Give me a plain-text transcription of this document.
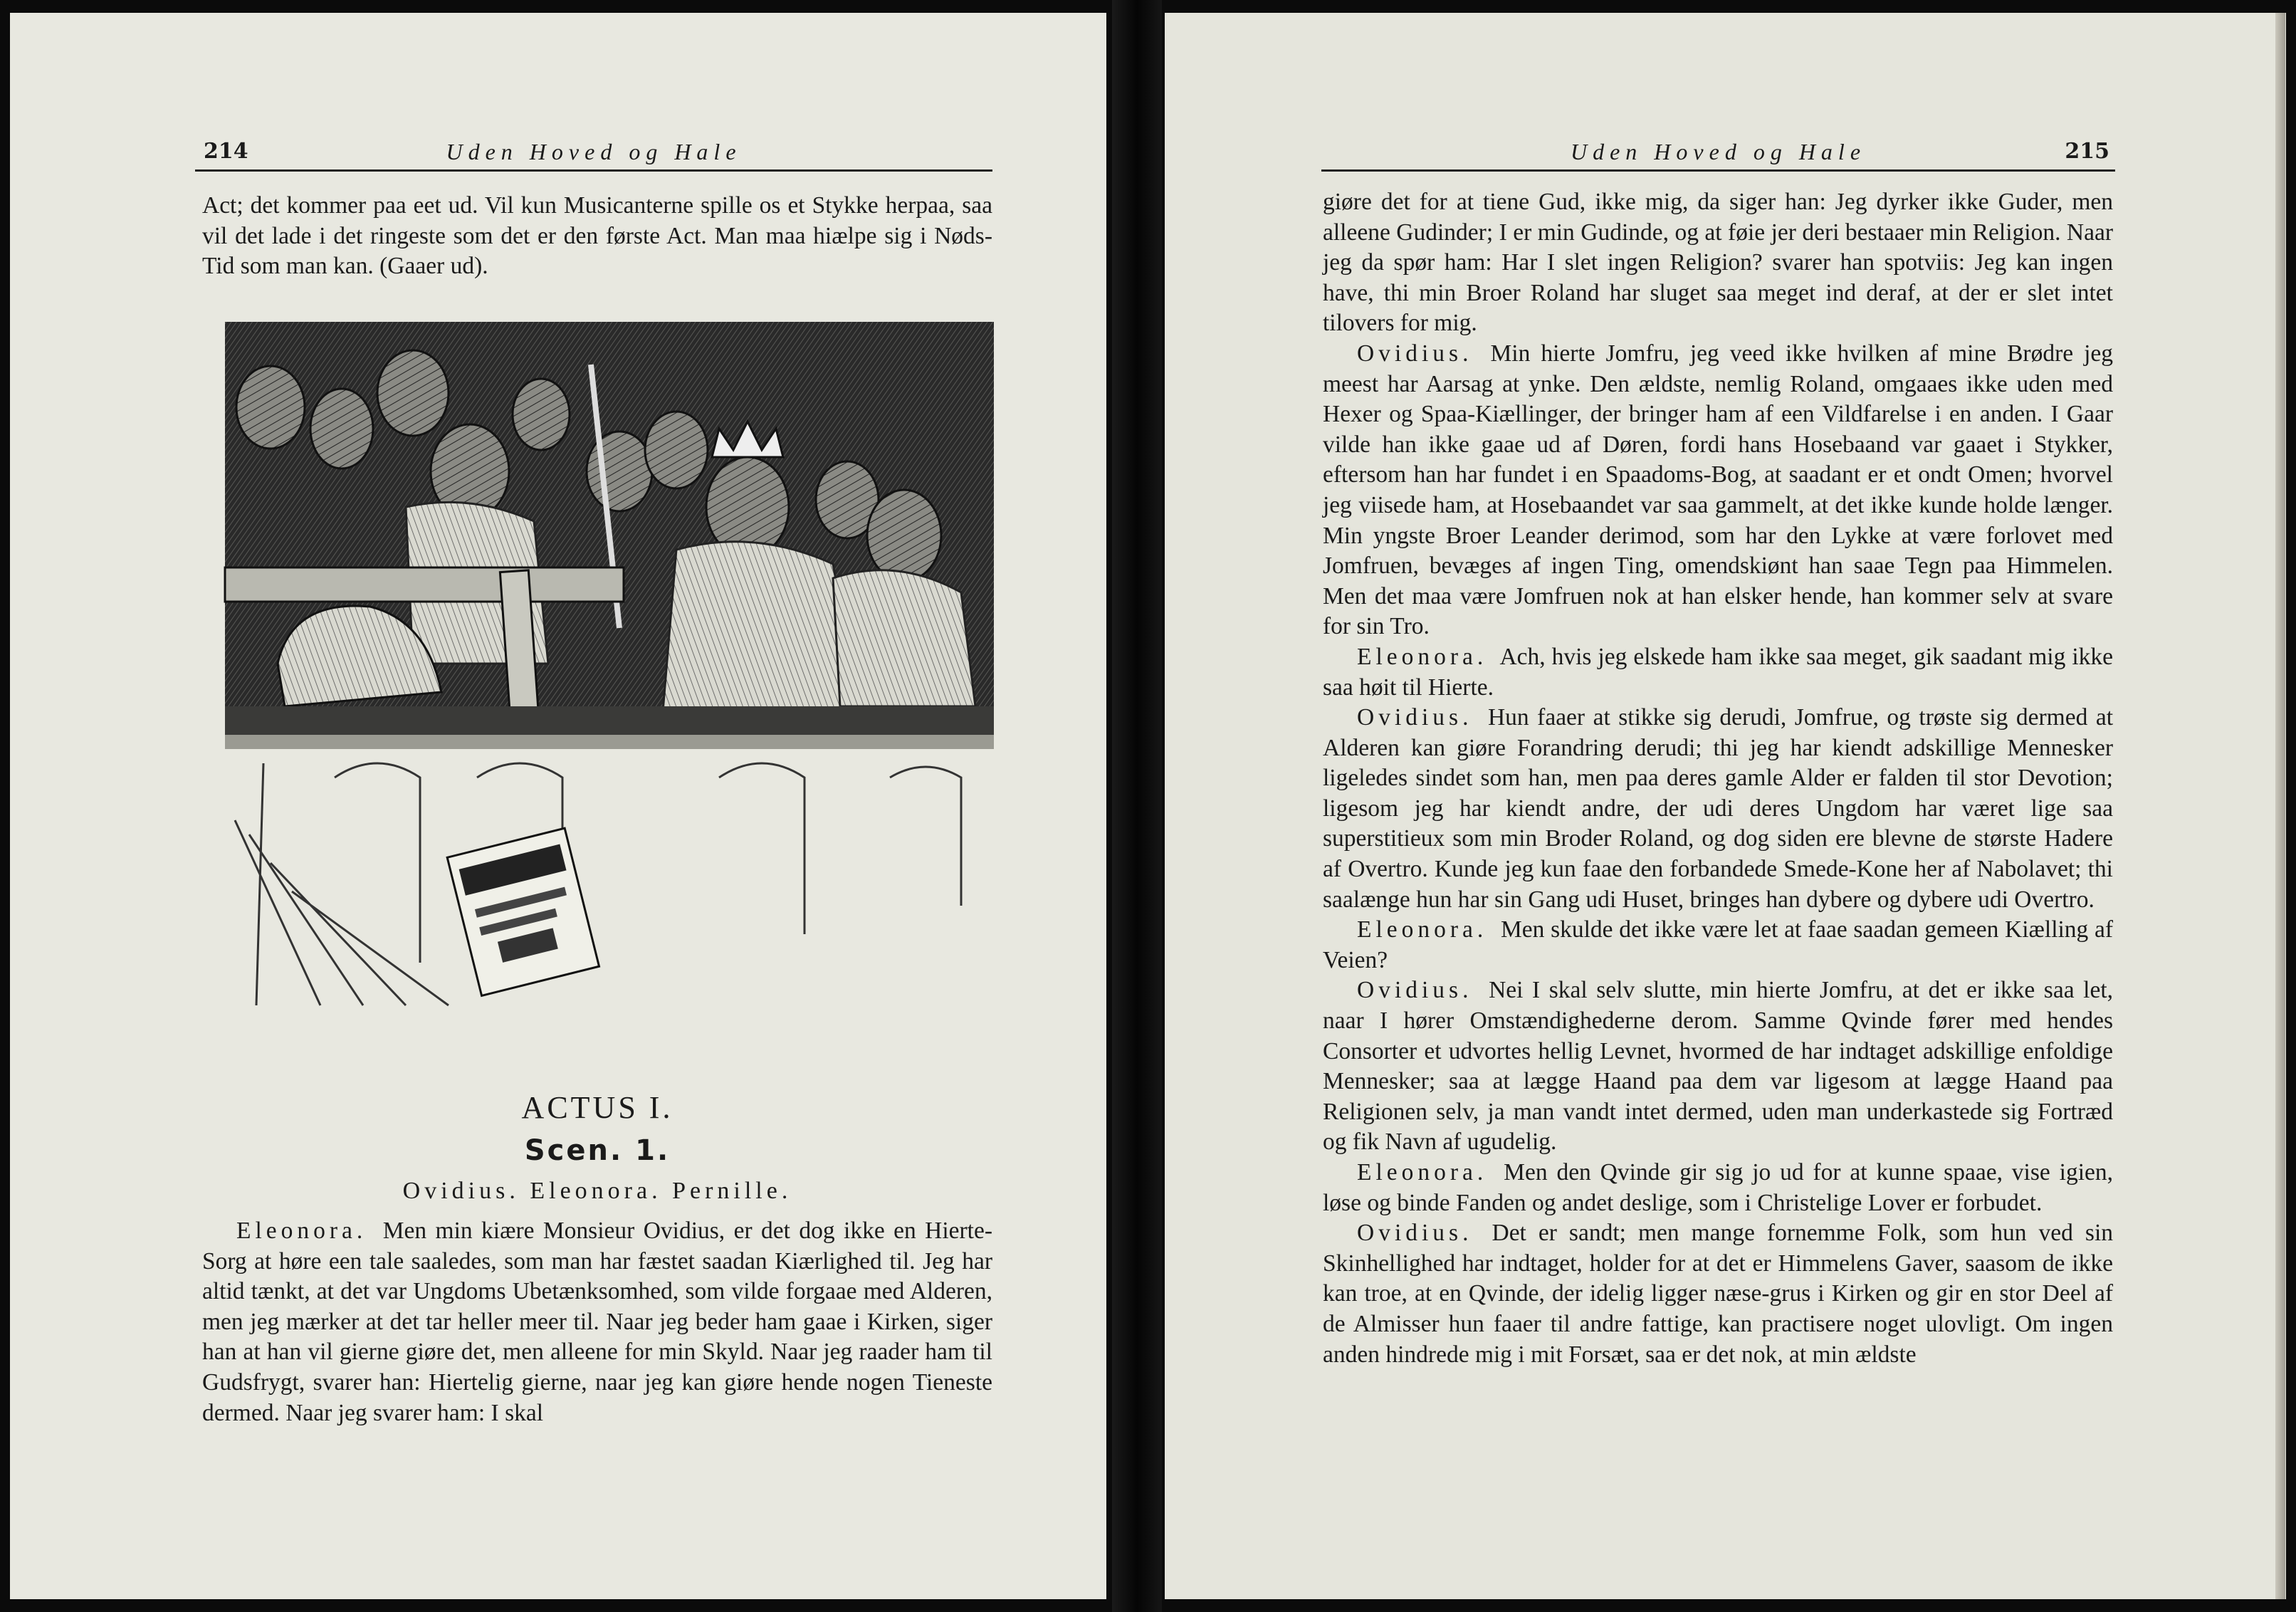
214	Uden Hoved og Hale

Act; det kommer paa eet ud. Vil kun Musicanterne spille os et Stykke herpaa, saa vil det lade i det ringeste som det er den første Act. Man maa hiælpe sig i Nøds-Tid som man kan. (Gaaer ud).

ACTUS I.
Scen. 1.
Ovidius. Eleonora. Pernille.

Eleonora. Men min kiære Monsieur Ovidius, er det dog ikke en Hierte-Sorg at høre een tale saaledes, som man har fæstet saadan Kiærlighed til. Jeg har altid tænkt, at det var Ungdoms Ubetænksomhed, som vilde forgaae med Alderen, men jeg mærker at det tar heller meer til. Naar jeg beder ham gaae i Kirken, siger han at han vil gierne giøre det, men alleene for min Skyld. Naar jeg raader ham til Gudsfrygt, svarer han: Hiertelig gierne, naar jeg kan giøre hende nogen Tieneste dermed. Naar jeg svarer ham: I skal

Uden Hoved og Hale	215

giøre det for at tiene Gud, ikke mig, da siger han: Jeg dyrker ikke Guder, men alleene Gudinder; I er min Gudinde, og at føie jer deri bestaaer min Religion. Naar jeg da spør ham: Har I slet ingen Religion? svarer han spotviis: Jeg kan ingen have, thi min Broer Roland har sluget saa meget ind deraf, at der er slet intet tilovers for mig.

Ovidius. Min hierte Jomfru, jeg veed ikke hvilken af mine Brødre jeg meest har Aarsag at ynke. Den ældste, nemlig Roland, omgaaes ikke uden med Hexer og Spaa-Kiællinger, der bringer ham af een Vildfarelse i en anden. I Gaar vilde han ikke gaae ud af Døren, fordi hans Hosebaand var gaaet i Stykker, eftersom han har fundet i en Spaadoms-Bog, at saadant er et ondt Omen; hvorvel jeg viisede ham, at Hosebaandet var saa gammelt, at det ikke kunde holde længer. Min yngste Broer Leander derimod, som har den Lykke at være forlovet med Jomfruen, bevæges af ingen Ting, omendskiønt han saae Tegn paa Himmelen. Men det maa være Jomfruen nok at han elsker hende, han kommer selv at svare for sin Tro.

Eleonora. Ach, hvis jeg elskede ham ikke saa meget, gik saadant mig ikke saa høit til Hierte.

Ovidius. Hun faaer at stikke sig derudi, Jomfrue, og trøste sig dermed at Alderen kan giøre Forandring derudi; thi jeg har kiendt adskillige Mennesker ligeledes sindet som han, men paa deres gamle Alder er falden til stor Devotion; ligesom jeg har kiendt andre, der udi deres Ungdom har været lige saa superstitieux som min Broder Roland, og dog siden ere blevne de største Hadere af Overtro. Kunde jeg kun faae den forbandede Smede-Kone her af Nabolavet; thi saalænge hun har sin Gang udi Huset, bringes han dybere og dybere udi Overtro.

Eleonora. Men skulde det ikke være let at faae saadan gemeen Kiælling af Veien?

Ovidius. Nei I skal selv slutte, min hierte Jomfru, at det er ikke saa let, naar I hører Omstændighederne derom. Samme Qvinde fører med hendes Consorter et udvortes hellig Levnet, hvormed de har indtaget adskillige enfoldige Mennesker; saa at lægge Haand paa dem var ligesom at lægge Haand paa Religionen selv, ja man vandt intet dermed, uden man underkastede sig Fortræd og fik Navn af ugudelig.

Eleonora. Men den Qvinde gir sig jo ud for at kunne spaae, vise igien, løse og binde Fanden og andet deslige, som i Christelige Lover er forbudet.

Ovidius. Det er sandt; men mange fornemme Folk, som hun ved sin Skinhellighed har indtaget, holder for at det er Himmelens Gaver, saasom de ikke kan troe, at en Qvinde, der idelig ligger næse-grus i Kirken og gir en stor Deel af de Almisser hun faaer til andre fattige, kan practisere noget ulovligt. Om ingen anden hindrede mig i mit Forsæt, saa er det nok, at min ældste
